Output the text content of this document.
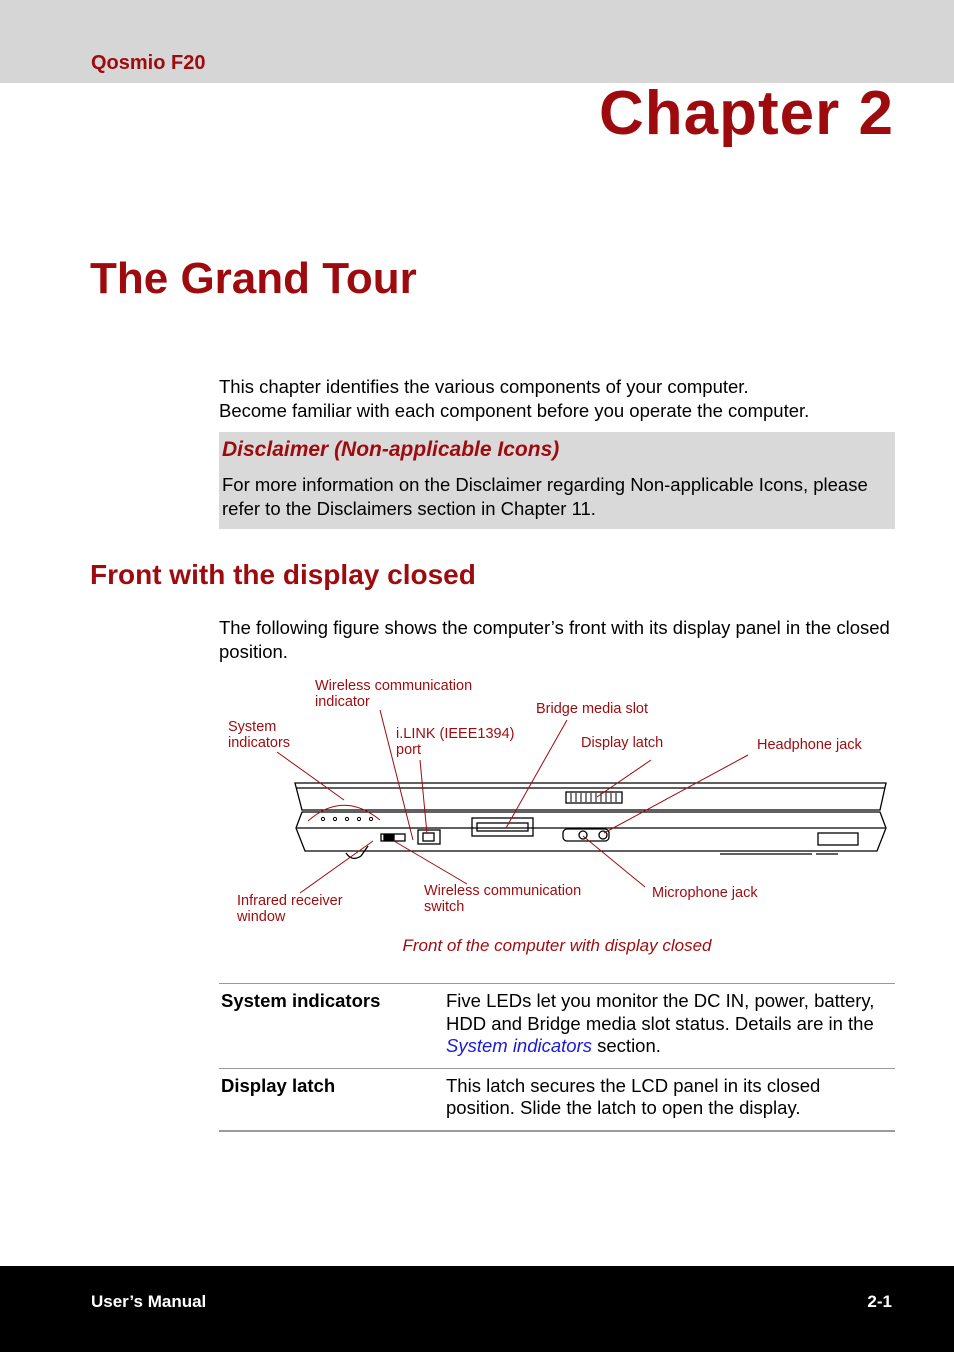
Qosmio F20
Chapter 2
The Grand Tour

This chapter identifies the various components of your computer.

Become familiar with each component before you operate the computer.

Disclaimer (Non-applicable Icons)
For more information on the Disclaimer regarding Non-applicable Icons, please refer to the Disclaimers section in Chapter 11.
Front with the display closed
The following figure shows the computer’s front with its display panel in the closed position.
Wireless communication
indicator	Bridge media slot
System
indicators
i.LINK (IEEE1394)
port	Display latch	Headphone jack
Infrared receiver
window
Wireless communication
switch
Microphone jack
Front of the computer with display closed
System indicators	Five LEDs let you monitor the DC IN, power, battery, HDD and Bridge media slot status. Details are in the System indicators section.
Display latch	This latch secures the LCD panel in its closed position. Slide the latch to open the display.
User’s Manual	2-1
